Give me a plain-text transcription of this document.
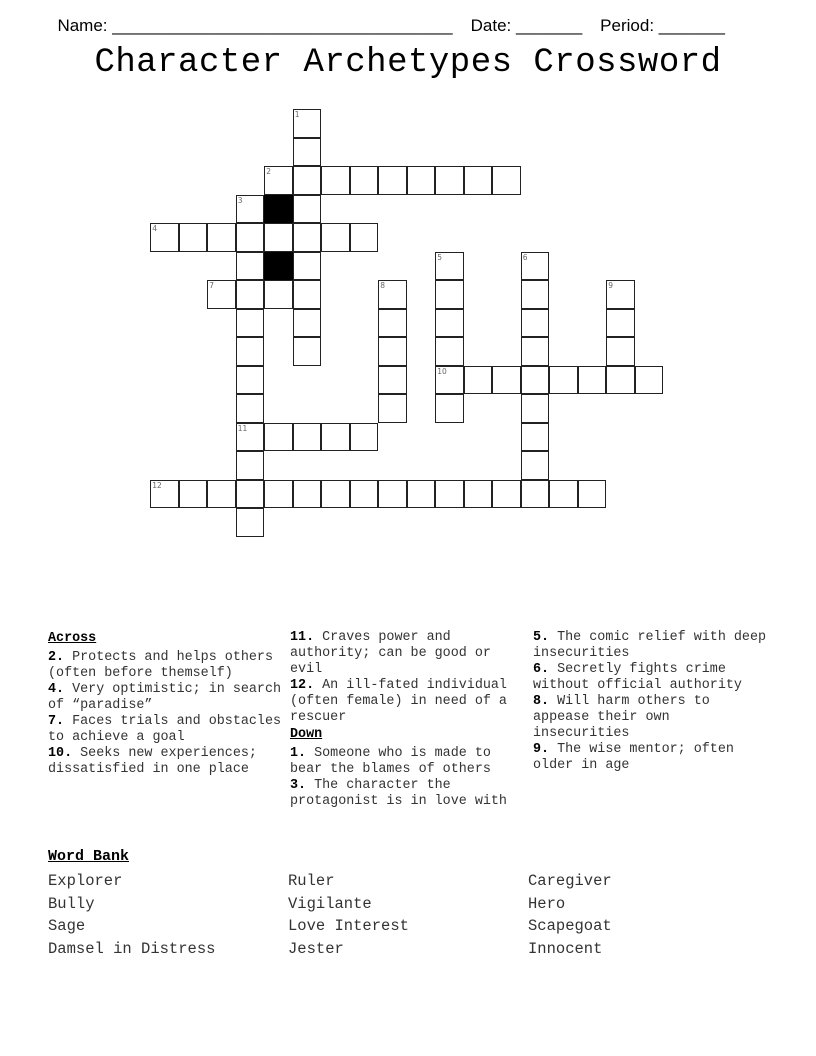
Name: ____________________________________ Date: _______ Period: _______

Character Archetypes Crossword
1
2
3
11
4
5
10
6
7	8	9
12
Across
2. Protects and helps others (often before themself)
4. Very optimistic; in search of “paradise”
7. Faces trials and obstacles to achieve a goal
10. Seeks new experiences; dissatisfied in one place
11. Craves power and authority; can be good or evil
12. An ill-fated individual (often female) in need of a rescuer
Down
1. Someone who is made to bear the blames of others
3. The character the protagonist is in love with
5. The comic relief with deep insecurities
6. Secretly fights crime without official authority
8. Will harm others to appease their own insecurities
9. The wise mentor; often older in age
Word Bank
Explorer
Bully
Sage
Damsel in Distress
Ruler
Vigilante
Love Interest
Jester
Caregiver
Hero
Scapegoat
Innocent
